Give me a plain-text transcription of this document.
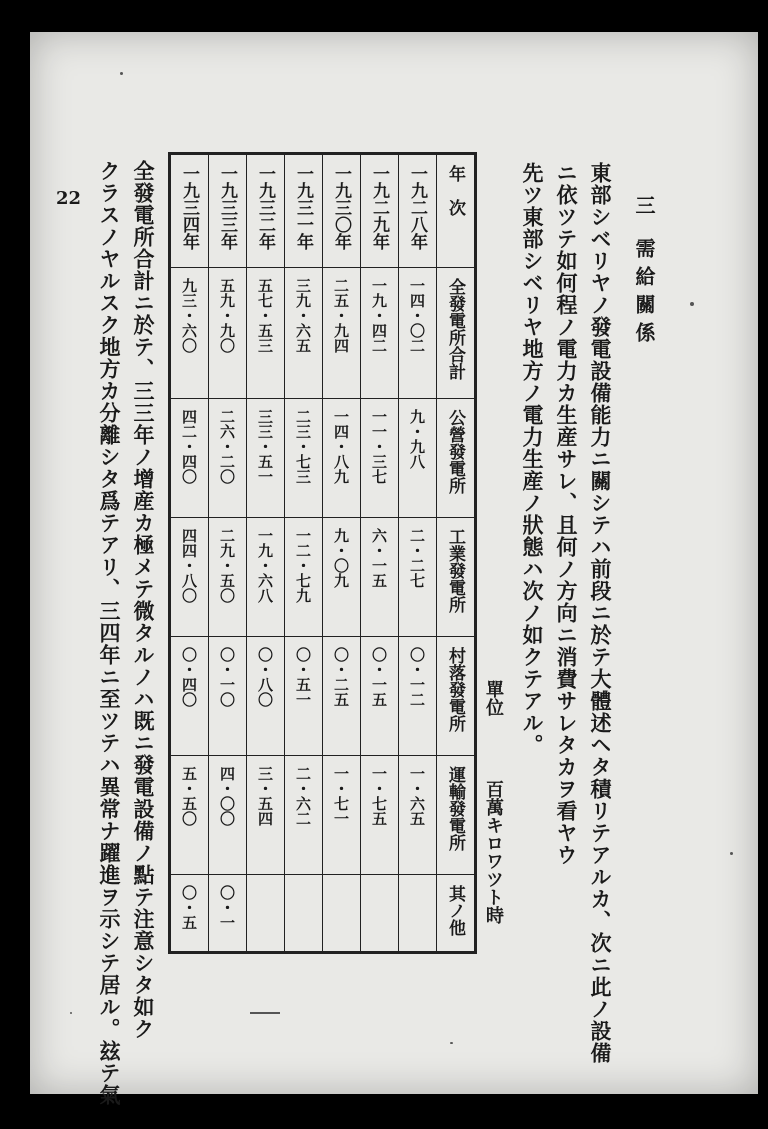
三 需給關係
東部シベリヤノ發電設備能力ニ關シテハ前段ニ於テ大體述ヘタ積リテアルカ、次ニ此ノ設備
ニ依ツテ如何程ノ電力カ生産サレ、且何ノ方向ニ消費サレタカヲ看ヤウ
先ツ東部シベリヤ地方ノ電力生産ノ狀態ハ次ノ如クテアル。
單位
百萬キロワツト時
年　次	全發電所合計	公營發電所	工業發電所	村落發電所	運輸發電所	其ノ他

一九二八年	一四・〇二	九・九八	二・二七	〇・一二	一・六五

一九二九年	一九・四二	一一・三七	六・一五	〇・一五	一・七五

一九三〇年	二五・九四	一四・八九	九・〇九	〇・二五	一・七一

一九三一年	三九・六五	二三・七三	一二・七九	〇・五一	二・六二

一九三二年	五七・五三	三三・五一	一九・六八	〇・八〇	三・五四

一九三三年	五九・九〇	二六・二〇	二九・五〇	〇・一〇	四・〇〇	〇・一

一九三四年	九三・六〇	四二・四〇	四四・八〇	〇・四〇	五・五〇	〇・五
全發電所合計ニ於テ、三三年ノ增産カ極メテ微タルノハ既ニ發電設備ノ點テ注意シタ如ク
クラスノヤルスク地方カ分離シタ爲テアリ、三四年ニ至ツテハ異常ナ躍進ヲ示シテ居ル。玆テ氣
22
